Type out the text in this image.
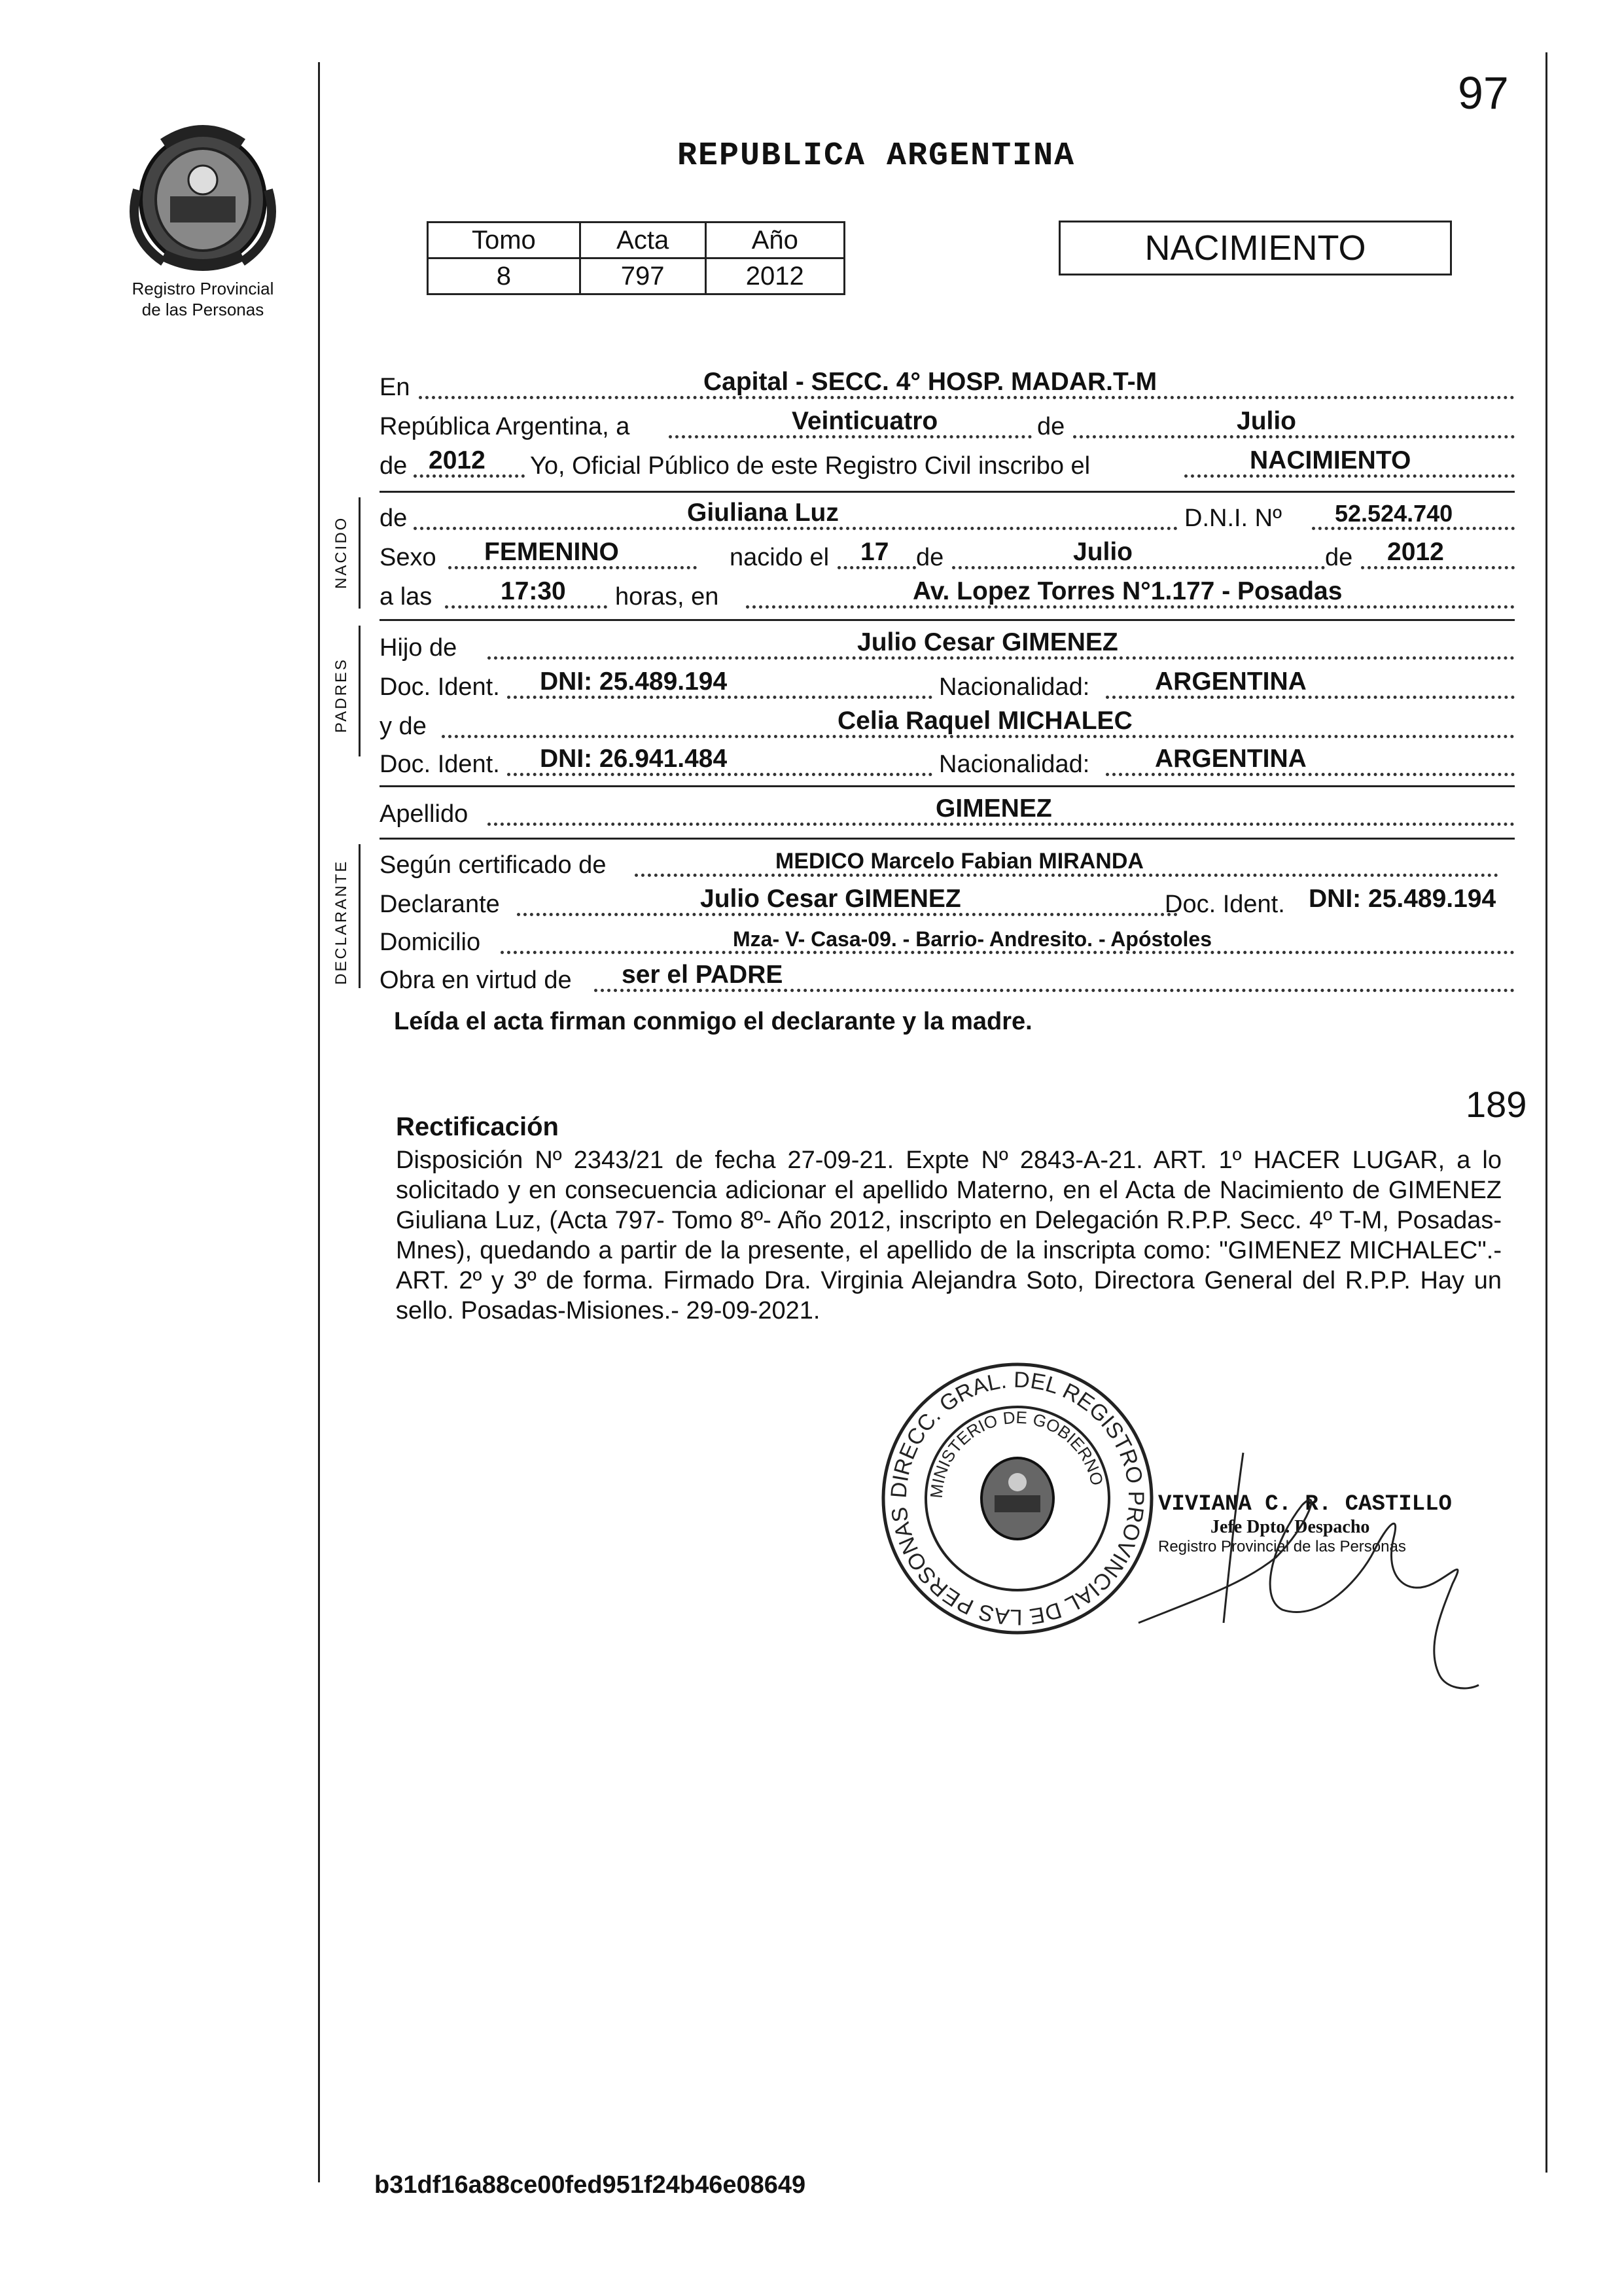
97
Registro Provincial
de las Personas
REPUBLICA ARGENTINA
Tomo	Acta	Año
8	797	2012
NACIMIENTO
En	Capital - SECC. 4° HOSP. MADAR.T-M
República Argentina, a	Veinticuatro	de	Julio
de 2012 Yo, Oficial Público de este Registro Civil inscribo el	NACIMIENTO
NACIDO de	Giuliana Luz	D.N.I. Nº 52.524.740
Sexo FEMENINO	nacido el 17 de	Julio	de 2012
a las	17:30 horas, en	Av. Lopez Torres N°1.177 - Posadas
PADRES
Hijo de	Julio Cesar GIMENEZ
Doc. Ident. DNI: 25.489.194	Nacionalidad:	ARGENTINA
y de	Celia Raquel MICHALEC
Doc. Ident. DNI: 26.941.484	Nacionalidad:	ARGENTINA
Apellido	GIMENEZ
DECLARANTE Según certificado de	MEDICO Marcelo Fabian MIRANDA
Declarante	Julio Cesar GIMENEZ	Doc. Ident. DNI: 25.489.194
Domicilio	Mza- V- Casa-09. - Barrio- Andresito. - Apóstoles
Obra en virtud de ser el PADRE
Leída el acta firman conmigo el declarante y la madre.
189
Rectificación
Disposición Nº 2343/21 de fecha 27-09-21. Expte Nº 2843-A-21. ART. 1º HACER LUGAR, a lo solicitado y en consecuencia adicionar el apellido Materno, en el Acta de Nacimiento de GIMENEZ Giuliana Luz, (Acta 797- Tomo 8º- Año 2012, inscripto en Delegación R.P.P. Secc. 4º T-M, Posadas-Mnes), quedando a partir de la presente, el apellido de la inscripta como: "GIMENEZ MICHALEC".- ART. 2º y 3º de forma. Firmado Dra. Virginia Alejandra Soto, Directora General del R.P.P. Hay un sello. Posadas-Misiones.- 29-09-2021.
DIRECC. GRAL. DEL REGISTRO PROVINCIAL DE LAS PERSONAS
MINISTERIO DE GOBIERNO
VIVIANA C. R. CASTILLO
Jefe Dpto. Despacho
Registro Provincial de las Personas
b31df16a88ce00fed951f24b46e08649
